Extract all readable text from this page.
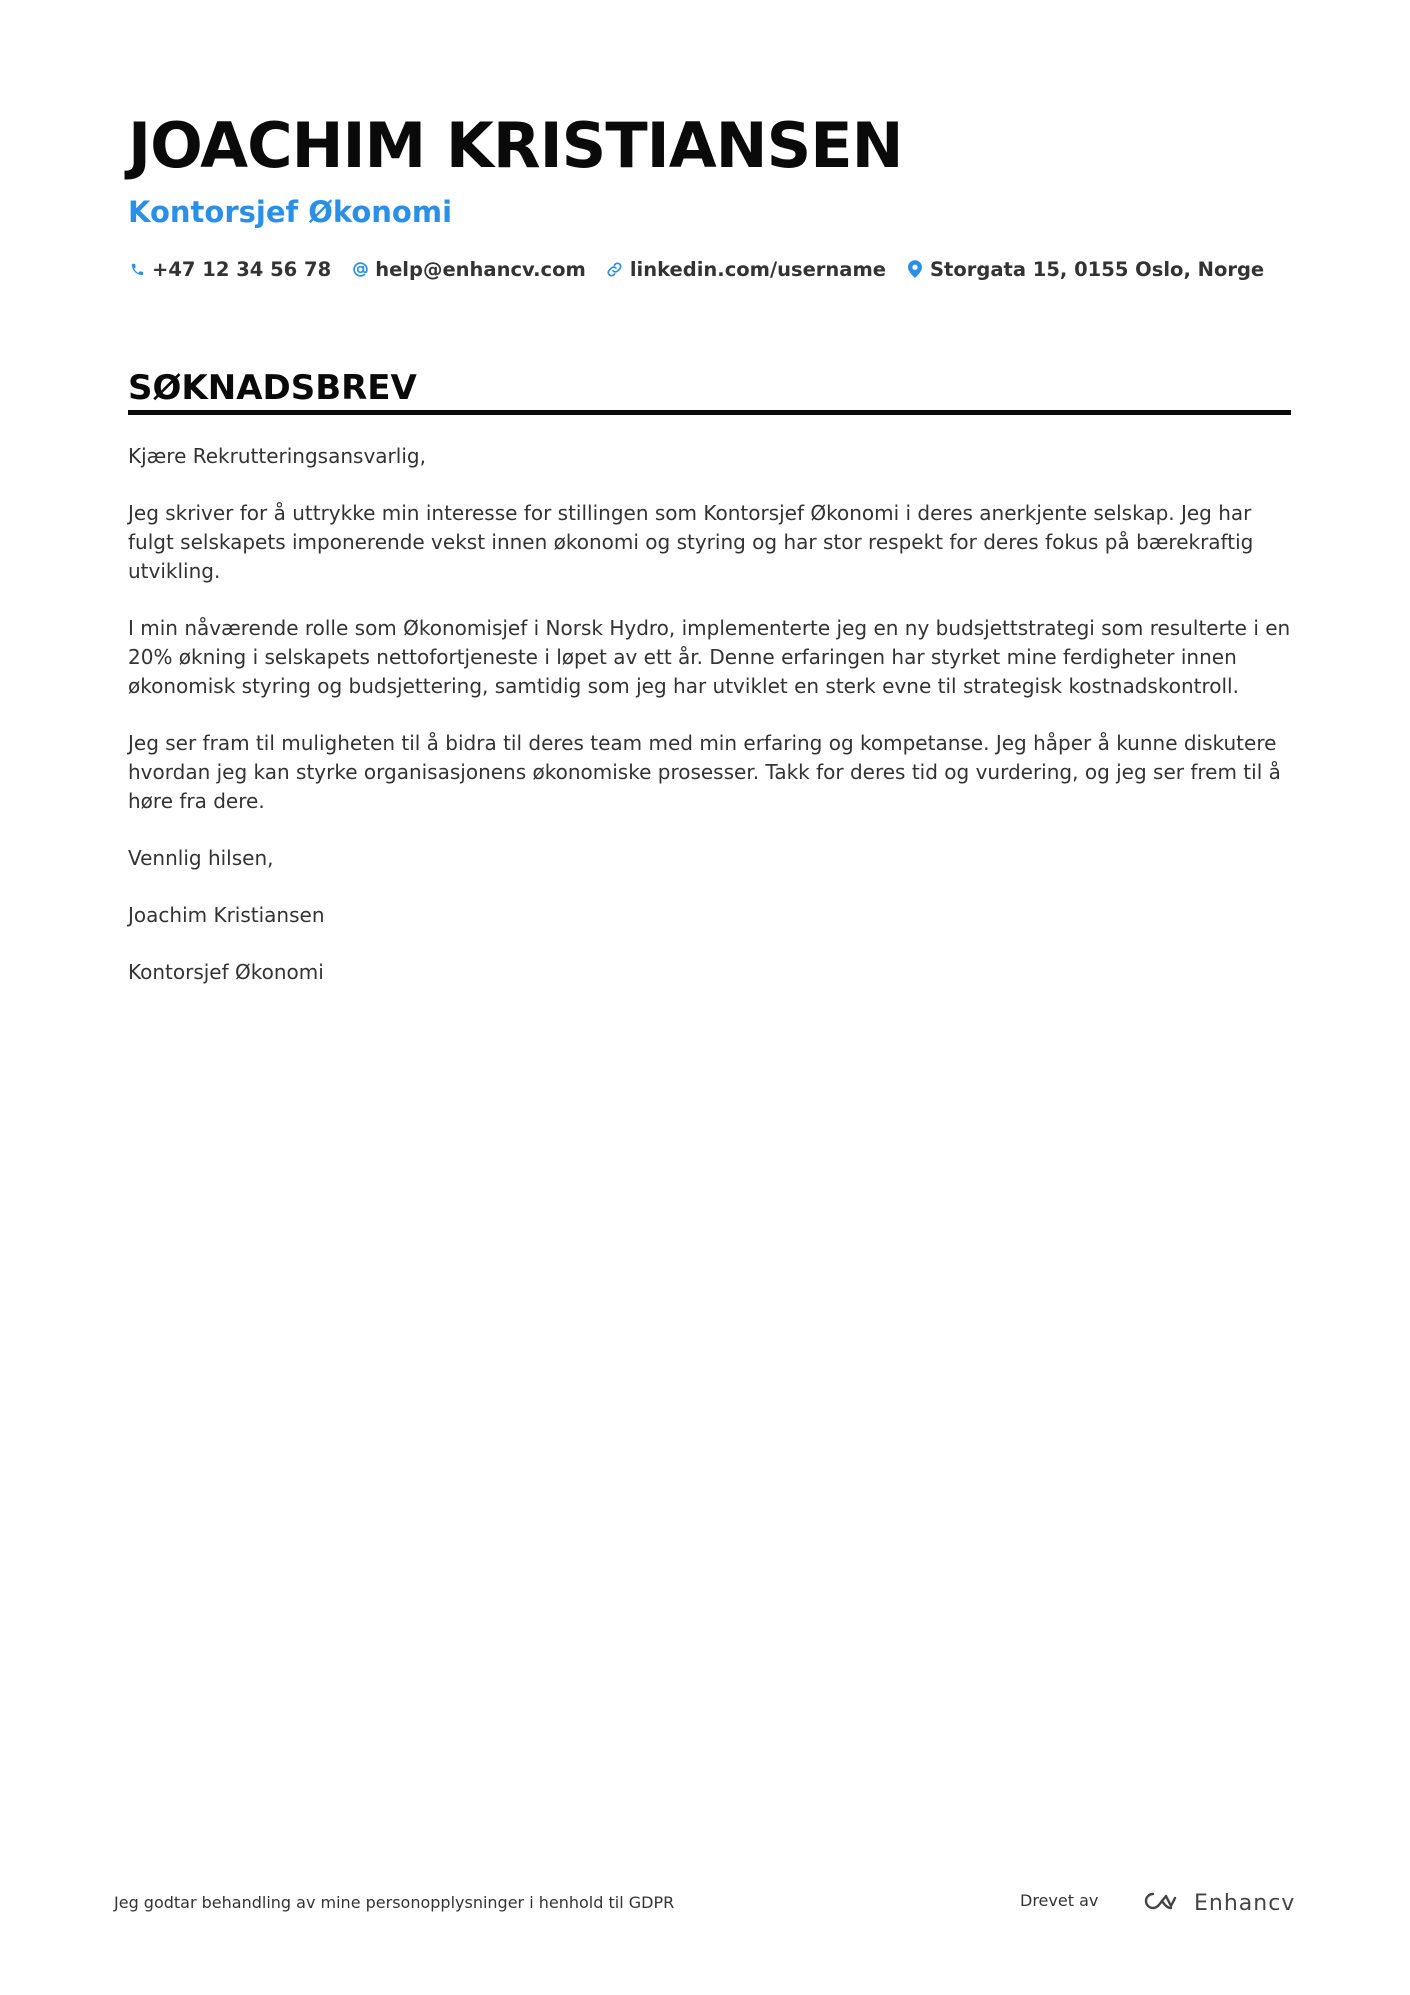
JOACHIM KRISTIANSEN
Kontorsjef Økonomi
+47 12 34 56 78 help@enhancv.com linkedin.com/username Storgata 15, 0155 Oslo, Norge
SØKNADSBREV

Kjære Rekrutteringsansvarlig,

Jeg skriver for å uttrykke min interesse for stillingen som Kontorsjef Økonomi i deres anerkjente selskap. Jeg har fulgt selskapets imponerende vekst innen økonomi og styring og har stor respekt for deres fokus på bærekraftig utvikling.

I min nåværende rolle som Økonomisjef i Norsk Hydro, implementerte jeg en ny budsjettstrategi som resulterte i en 20% økning i selskapets nettofortjeneste i løpet av ett år. Denne erfaringen har styrket mine ferdigheter innen økonomisk styring og budsjettering, samtidig som jeg har utviklet en sterk evne til strategisk kostnadskontroll.

Jeg ser fram til muligheten til å bidra til deres team med min erfaring og kompetanse. Jeg håper å kunne diskutere hvordan jeg kan styrke organisasjonens økonomiske prosesser. Takk for deres tid og vurdering, og jeg ser frem til å høre fra dere.

Vennlig hilsen,

Joachim Kristiansen

Kontorsjef Økonomi

Jeg godtar behandling av mine personopplysninger i henhold til GDPR	Drevet av	Enhancv
